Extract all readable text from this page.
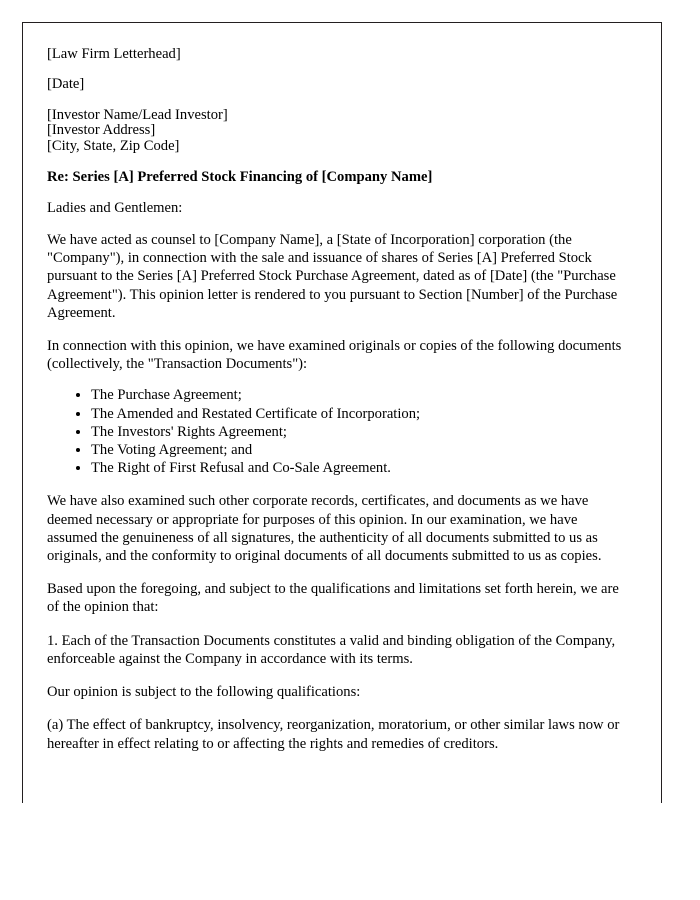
[Law Firm Letterhead]

[Date]

[Investor Name/Lead Investor]

[Investor Address]

[City, State, Zip Code]

Re: Series [A] Preferred Stock Financing of [Company Name]

Ladies and Gentlemen:

We have acted as counsel to [Company Name], a [State of Incorporation] corporation (the "Company"), in connection with the sale and issuance of shares of Series [A] Preferred Stock pursuant to the Series [A] Preferred Stock Purchase Agreement, dated as of [Date] (the "Purchase Agreement"). This opinion letter is rendered to you pursuant to Section [Number] of the Purchase Agreement.

In connection with this opinion, we have examined originals or copies of the following documents (collectively, the "Transaction Documents"):

• The Purchase Agreement;
• The Amended and Restated Certificate of Incorporation;
• The Investors' Rights Agreement;
• The Voting Agreement; and
• The Right of First Refusal and Co-Sale Agreement.

We have also examined such other corporate records, certificates, and documents as we have deemed necessary or appropriate for purposes of this opinion. In our examination, we have assumed the genuineness of all signatures, the authenticity of all documents submitted to us as originals, and the conformity to original documents of all documents submitted to us as copies.

Based upon the foregoing, and subject to the qualifications and limitations set forth herein, we are of the opinion that:

1. Each of the Transaction Documents constitutes a valid and binding obligation of the Company, enforceable against the Company in accordance with its terms.

Our opinion is subject to the following qualifications:

(a) The effect of bankruptcy, insolvency, reorganization, moratorium, or other similar laws now or hereafter in effect relating to or affecting the rights and remedies of creditors.
